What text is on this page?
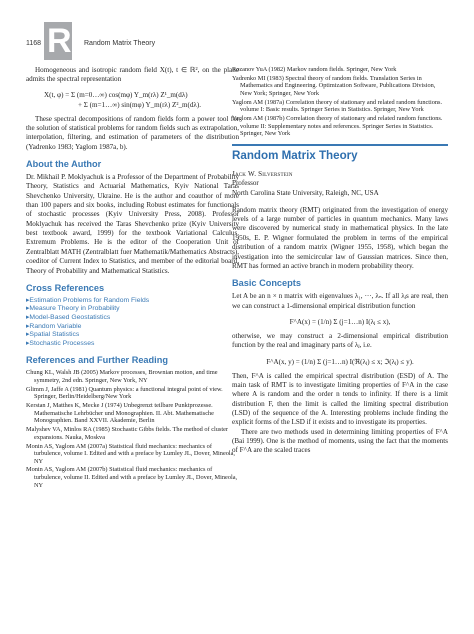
1168 R Random Matrix Theory

Homogeneous and isotropic random field X(t), t ∈ ℝ², on the plane admits the spectral representation

X(t, φ) = Σ (m=0…∞) cos(mφ) Y_m(rλ) Z¹_m(dλ)
+ Σ (m=1…∞) sin(mφ) Y_m(rλ) Z²_m(dλ).

These spectral decompositions of random fields form a power tool for the solution of statistical problems for random fields such as extrapolation, interpolation, filtering, and estimation of parameters of the distribution (Yadrenko 1983; Yaglom 1987a, b).

About the Author

Dr. Mikhail P. Moklyachuk is a Professor of the Department of Probability Theory, Statistics and Actuarial Mathematics, Kyiv National Taras Shevchenko University, Ukraine. He is the author and coauthor of more than 100 papers and six books, including Robust estimates for functionals of stochastic processes (Kyiv University Press, 2008). Professor Moklyachuk has received the Taras Shevchenko prize (Kyiv University best textbook award, 1999) for the textbook Variational Calculus. Extremum Problems. He is the editor of the Cooperation Unit of Zentralblatt MATH (Zentralblatt fuer Mathematik/Mathematics Abstracts), coeditor of Current Index to Statistics, and member of the editorial board, Theory of Probability and Mathematical Statistics.

Cross References
▸Estimation Problems for Random Fields
▸Measure Theory in Probability
▸Model-Based Geostatistics
▸Random Variable
▸Spatial Statistics
▸Stochastic Processes
References and Further Reading

Chung KL, Walsh JB (2005) Markov processes, Brownian motion, and time symmetry, 2nd edn. Springer, New York, NY

Glimm J, Jaffe A (1981) Quantum physics: a functional integral point of view. Springer, Berlin/Heidelberg/New York

Kerstan J, Matthes K, Mecke J (1974) Unbegrenzt teilbare Punktprozesse. Mathematische Lehrbücher und Monographien. II. Abt. Mathematische Monographien. Band XXVII. Akademie, Berlin

Malyshev VA, Minlos RA (1985) Stochastic Gibbs fields. The method of cluster expansions. Nauka, Moskva

Monin AS, Yaglom AM (2007a) Statistical fluid mechanics: mechanics of turbulence, volume I. Edited and with a preface by Lumley JL, Dover, Mineola, NY

Monin AS, Yaglom AM (2007b) Statistical fluid mechanics: mechanics of turbulence, volume II. Edited and with a preface by Lumley JL, Dover, Mineola, NY

Rozanov YuA (1982) Markov random fields. Springer, New York

Yadrenko MI (1983) Spectral theory of random fields. Translation Series in Mathematics and Engineering. Optimization Software, Publications Division, New York; Springer, New York

Yaglom AM (1987a) Correlation theory of stationary and related random functions. volume I: Basic results. Springer Series in Statistics. Springer, New York

Yaglom AM (1987b) Correlation theory of stationary and related random functions. volume II: Supplementary notes and references. Springer Series in Statistics. Springer, New York

Random Matrix Theory
Jack W. Silverstein
Professor
North Carolina State University, Raleigh, NC, USA

Random matrix theory (RMT) originated from the investigation of energy levels of a large number of particles in quantum mechanics. Many laws were discovered by numerical study in mathematical physics. In the late 1950s, E. P. Wigner formulated the problem in terms of the empirical distribution of a random matrix (Wigner 1955, 1958), which began the investigation into the semicircular law of Gaussian matrices. Since then, RMT has formed an active branch in modern probability theory.

Basic Concepts

Let A be an n × n matrix with eigenvalues λ₁, ···, λₙ. If all λⱼs are real, then we can construct a 1-dimensional empirical distribution function

F^A(x) = (1/n) Σ (j=1…n) I(λⱼ ≤ x),

otherwise, we may construct a 2-dimensional empirical distribution function by the real and imaginary parts of λⱼ, i.e.

F^A(x, y) = (1/n) Σ (j=1…n) I(ℜ(λⱼ) ≤ x; ℑ(λⱼ) ≤ y).

Then, F^A is called the empirical spectral distribution (ESD) of A. The main task of RMT is to investigate limiting properties of F^A in the case where A is random and the order n tends to infinity. If there is a limit distribution F, then the limit is called the limiting spectral distribution (LSD) of the sequence of the A. Interesting problems include finding the explicit forms of the LSD if it exists and to investigate its properties.

There are two methods used in determining limiting properties of F^A (Bai 1999). One is the method of moments, using the fact that the moments of F^A are the scaled traces
